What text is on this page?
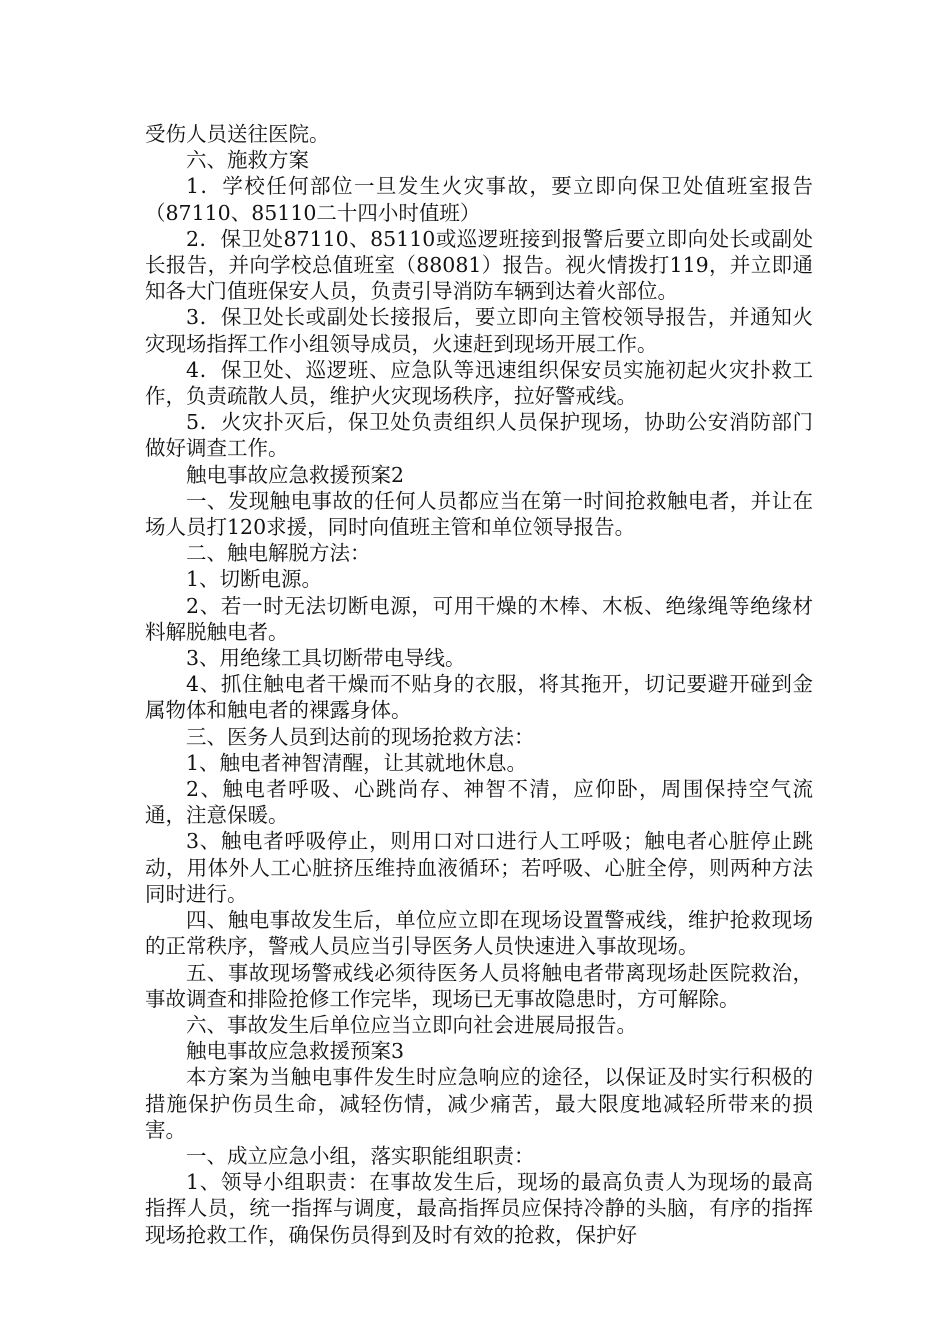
受伤人员送往医院。

六、施救方案

1．学校任何部位一旦发生火灾事故，要立即向保卫处值班室报告（87110、85110二十四小时值班）

2．保卫处87110、85110或巡逻班接到报警后要立即向处长或副处长报告，并向学校总值班室（88081）报告。视火情拨打119，并立即通知各大门值班保安人员，负责引导消防车辆到达着火部位。

3．保卫处长或副处长接报后，要立即向主管校领导报告，并通知火灾现场指挥工作小组领导成员，火速赶到现场开展工作。

4．保卫处、巡逻班、应急队等迅速组织保安员实施初起火灾扑救工作，负责疏散人员，维护火灾现场秩序，拉好警戒线。

5．火灾扑灭后，保卫处负责组织人员保护现场，协助公安消防部门做好调查工作。

触电事故应急救援预案2

一、发现触电事故的任何人员都应当在第一时间抢救触电者，并让在场人员打120求援，同时向值班主管和单位领导报告。

二、触电解脱方法：

1、切断电源。

2、若一时无法切断电源，可用干燥的木棒、木板、绝缘绳等绝缘材料解脱触电者。

3、用绝缘工具切断带电导线。

4、抓住触电者干燥而不贴身的衣服，将其拖开，切记要避开碰到金属物体和触电者的裸露身体。

三、医务人员到达前的现场抢救方法：

1、触电者神智清醒，让其就地休息。

2、触电者呼吸、心跳尚存、神智不清，应仰卧，周围保持空气流通，注意保暖。

3、触电者呼吸停止，则用口对口进行人工呼吸；触电者心脏停止跳动，用体外人工心脏挤压维持血液循环；若呼吸、心脏全停，则两种方法同时进行。

四、触电事故发生后，单位应立即在现场设置警戒线，维护抢救现场的正常秩序，警戒人员应当引导医务人员快速进入事故现场。

五、事故现场警戒线必须待医务人员将触电者带离现场赴医院救治，事故调查和排险抢修工作完毕，现场已无事故隐患时，方可解除。

六、事故发生后单位应当立即向社会进展局报告。

触电事故应急救援预案3

本方案为当触电事件发生时应急响应的途径，以保证及时实行积极的措施保护伤员生命，减轻伤情，减少痛苦，最大限度地减轻所带来的损害。

一、成立应急小组，落实职能组职责：

1、领导小组职责：在事故发生后，现场的最高负责人为现场的最高指挥人员，统一指挥与调度，最高指挥员应保持冷静的头脑，有序的指挥现场抢救工作，确保伤员得到及时有效的抢救，保护好
